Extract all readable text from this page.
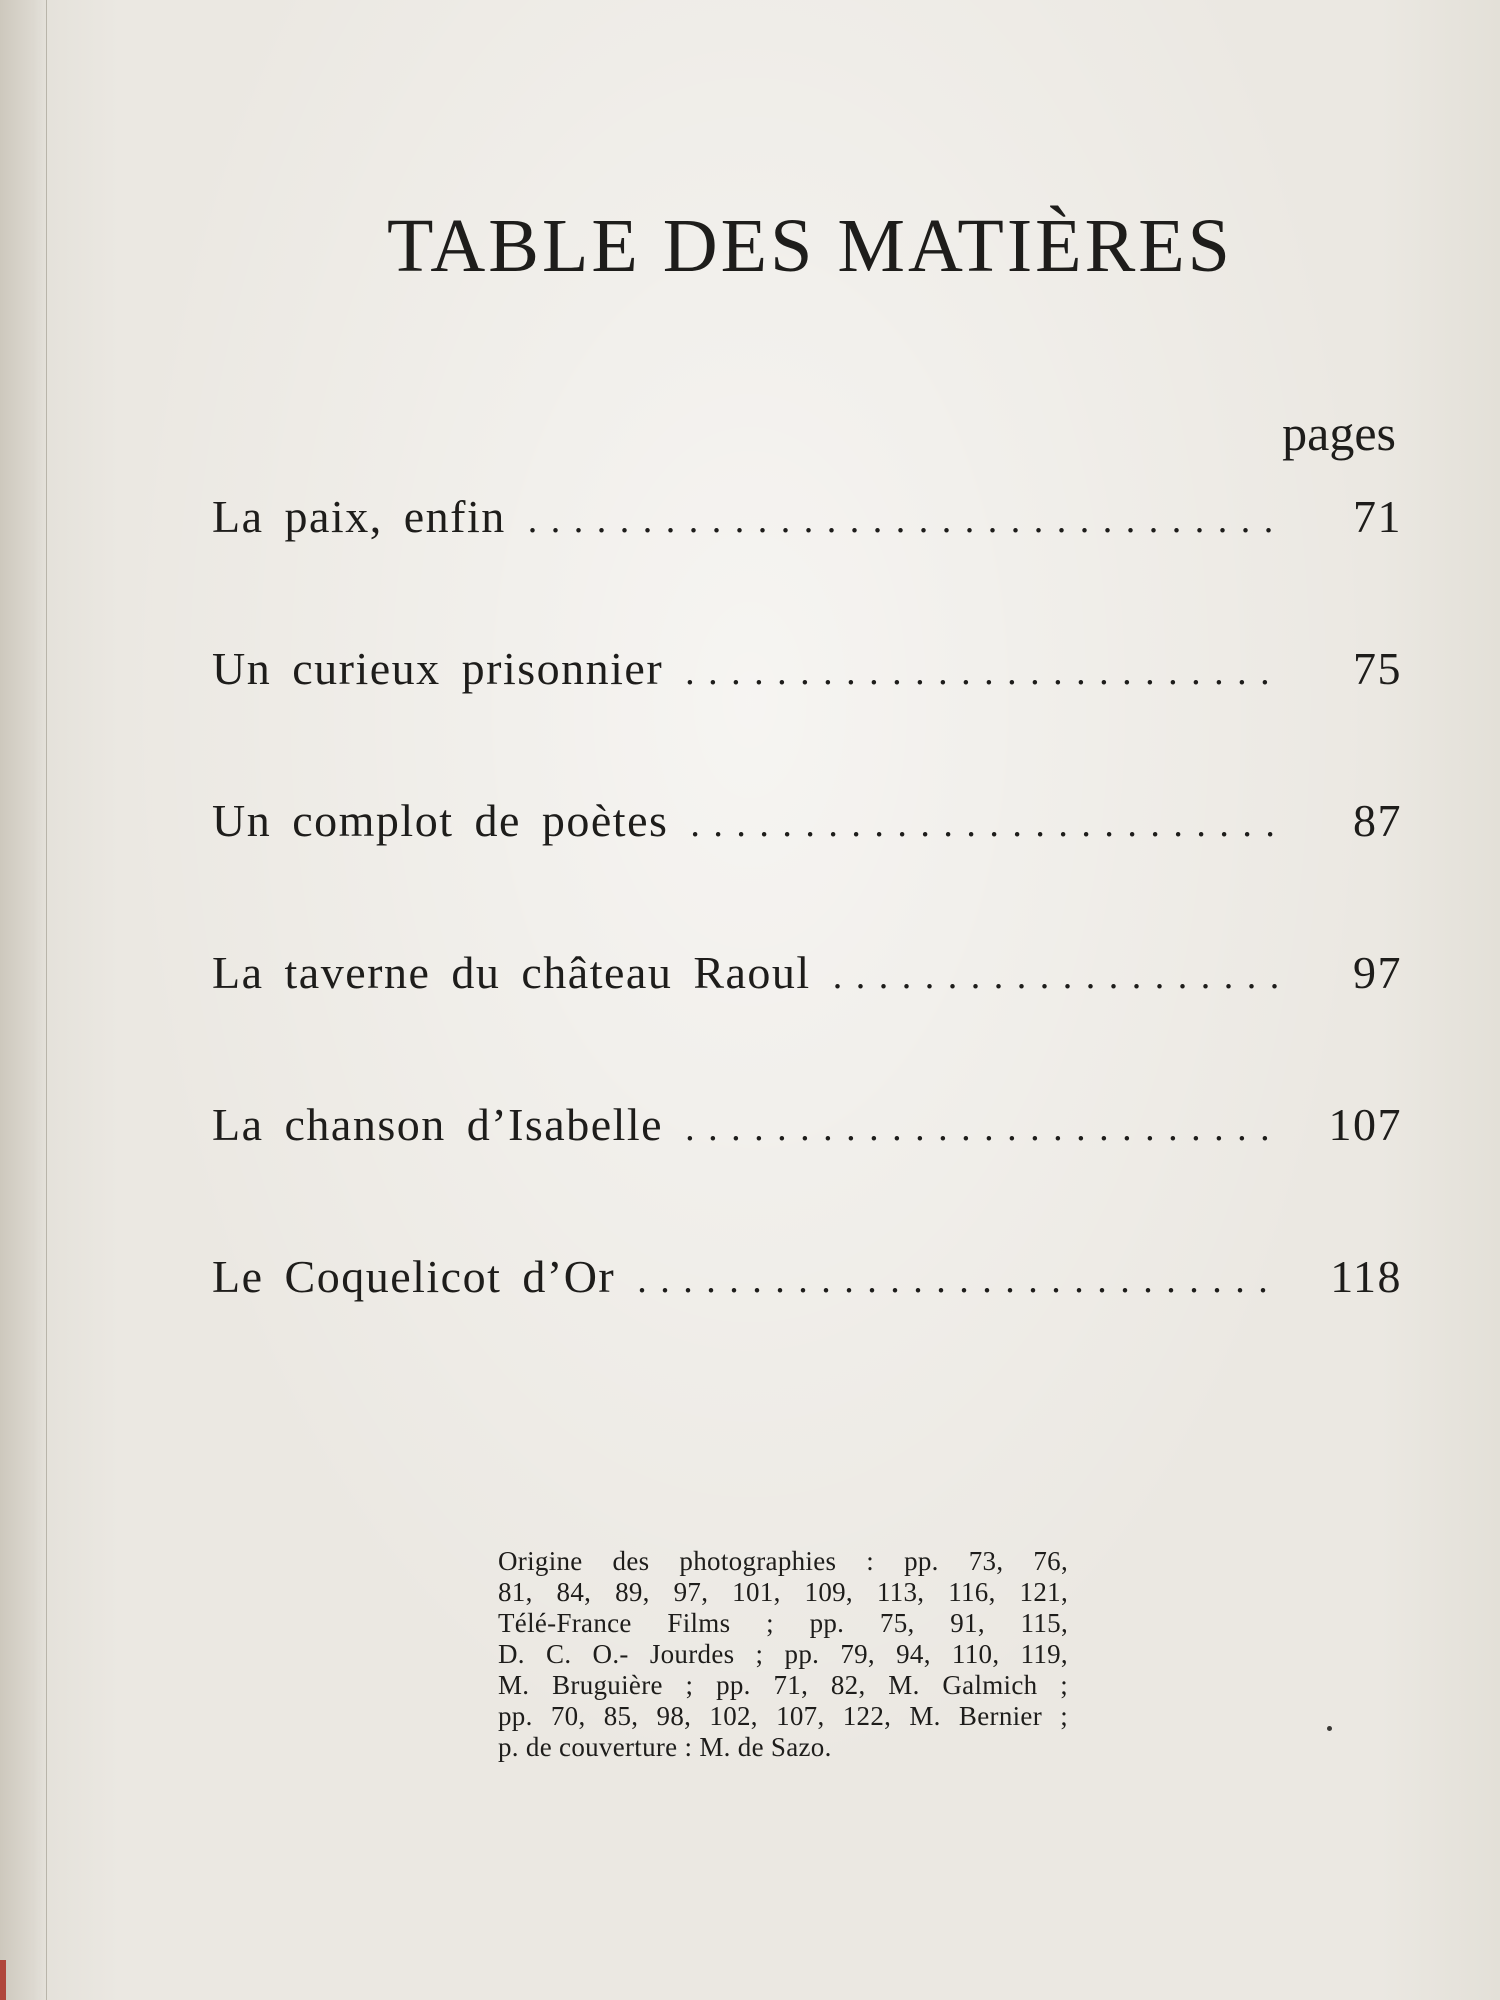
TABLE DES MATIÈRES
pages
La paix, enfin . . .	71
Un curieux prisonnier . . .	75
Un complot de poètes . . .	87
La taverne du château Raoul . . .	97
La chanson d’Isabelle . . .	107
Le Coquelicot d’Or . . .	118
Origine des photographies : pp. 73, 76,
81, 84, 89, 97, 101, 109, 113, 116, 121,
Télé-France Films ; pp. 75, 91, 115,
D. C. O.- Jourdes ; pp. 79, 94, 110, 119,
M. Bruguière ; pp. 71, 82, M. Galmich ;
pp. 70, 85, 98, 102, 107, 122, M. Bernier ;
p. de couverture : M. de Sazo.
